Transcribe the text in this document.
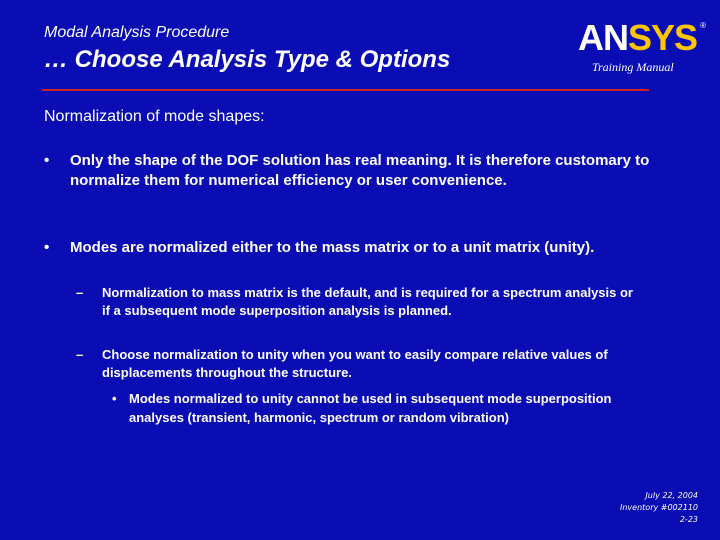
Modal Analysis Procedure
… Choose Analysis Type & Options
ANSYS ®
Training Manual
Normalization of mode shapes:
• Only the shape of the DOF solution has real meaning. It is therefore customary to normalize them for numerical efficiency or user convenience.
• Modes are normalized either to the mass matrix or to a unit matrix (unity).
– Normalization to mass matrix is the default, and is required for a spectrum analysis or if a subsequent mode superposition analysis is planned.
– Choose normalization to unity when you want to easily compare relative values of displacements throughout the structure.
• Modes normalized to unity cannot be used in subsequent mode superposition analyses (transient, harmonic, spectrum or random vibration)
July 22, 2004
Inventory #002110
2-23
